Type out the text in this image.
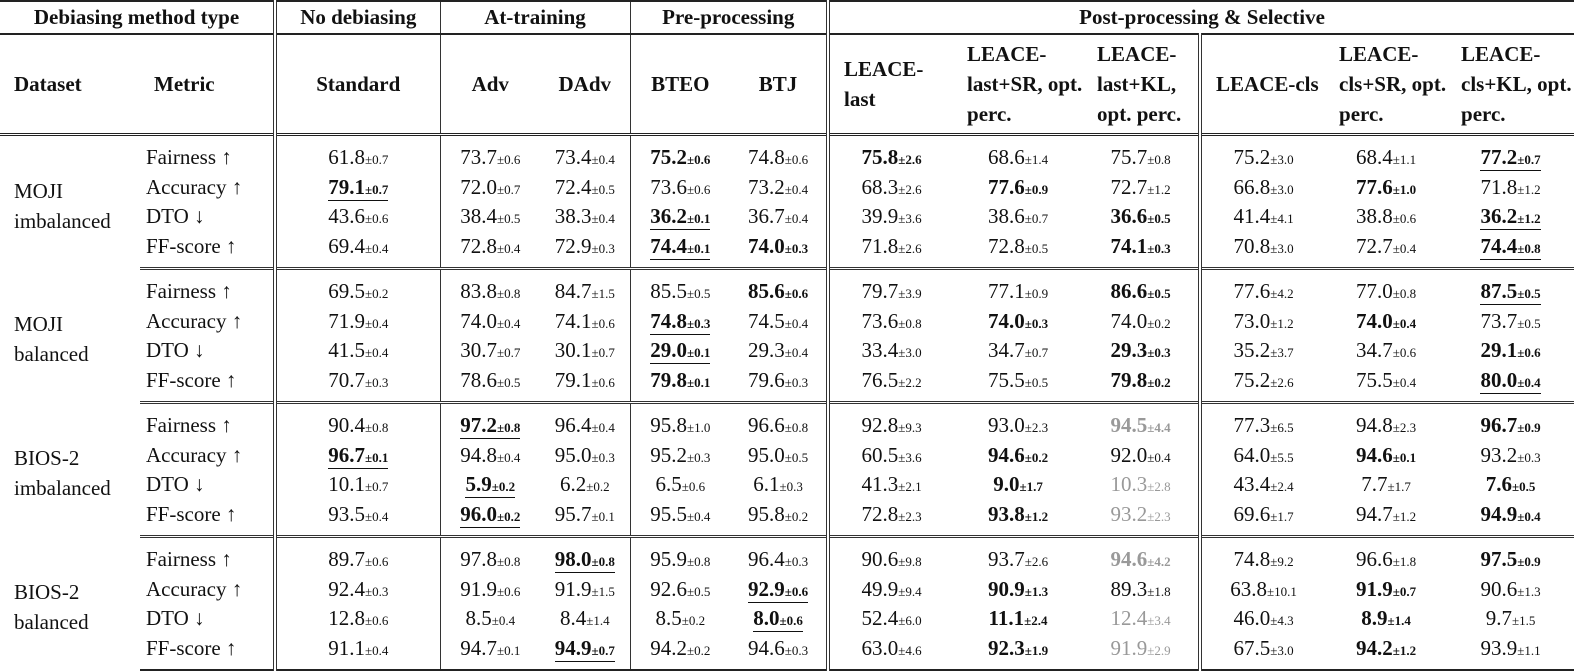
Debiasing method type		No debiasing	At-training		Pre-processing		Post-processing & Selective					
Dataset	Metric	Standard	Adv	DAdv	BTEO	BTJ	LEACE-last	LEACE-last+SR, opt. perc.	LEACE-last+KL, opt. perc.	LEACE-cls	LEACE-cls+SR, opt. perc.	LEACE-cls+KL, opt. perc.

MOJI
imbalanced	Fairness ↑	61.8±0.7	73.7±0.6	73.4±0.4	75.2±0.6	74.8±0.6	75.8±2.6	68.6±1.4	75.7±0.8	75.2±3.0	68.4±1.1	77.2±0.7
	Accuracy ↑	79.1±0.7	72.0±0.7	72.4±0.5	73.6±0.6	73.2±0.4	68.3±2.6	77.6±0.9	72.7±1.2	66.8±3.0	77.6±1.0	71.8±1.2
	DTO ↓	43.6±0.6	38.4±0.5	38.3±0.4	36.2±0.1	36.7±0.4	39.9±3.6	38.6±0.7	36.6±0.5	41.4±4.1	38.8±0.6	36.2±1.2
	FF-score ↑	69.4±0.4	72.8±0.4	72.9±0.3	74.4±0.1	74.0±0.3	71.8±2.6	72.8±0.5	74.1±0.3	70.8±3.0	72.7±0.4	74.4±0.8

MOJI
balanced	Fairness ↑	69.5±0.2	83.8±0.8	84.7±1.5	85.5±0.5	85.6±0.6	79.7±3.9	77.1±0.9	86.6±0.5	77.6±4.2	77.0±0.8	87.5±0.5
	Accuracy ↑	71.9±0.4	74.0±0.4	74.1±0.6	74.8±0.3	74.5±0.4	73.6±0.8	74.0±0.3	74.0±0.2	73.0±1.2	74.0±0.4	73.7±0.5
	DTO ↓	41.5±0.4	30.7±0.7	30.1±0.7	29.0±0.1	29.3±0.4	33.4±3.0	34.7±0.7	29.3±0.3	35.2±3.7	34.7±0.6	29.1±0.6
	FF-score ↑	70.7±0.3	78.6±0.5	79.1±0.6	79.8±0.1	79.6±0.3	76.5±2.2	75.5±0.5	79.8±0.2	75.2±2.6	75.5±0.4	80.0±0.4

BIOS-2
imbalanced	Fairness ↑	90.4±0.8	97.2±0.8	96.4±0.4	95.8±1.0	96.6±0.8	92.8±9.3	93.0±2.3	94.5±4.4	77.3±6.5	94.8±2.3	96.7±0.9
	Accuracy ↑	96.7±0.1	94.8±0.4	95.0±0.3	95.2±0.3	95.0±0.5	60.5±3.6	94.6±0.2	92.0±0.4	64.0±5.5	94.6±0.1	93.2±0.3
	DTO ↓	10.1±0.7	5.9±0.2	6.2±0.2	6.5±0.6	6.1±0.3	41.3±2.1	9.0±1.7	10.3±2.8	43.4±2.4	7.7±1.7	7.6±0.5
	FF-score ↑	93.5±0.4	96.0±0.2	95.7±0.1	95.5±0.4	95.8±0.2	72.8±2.3	93.8±1.2	93.2±2.3	69.6±1.7	94.7±1.2	94.9±0.4

BIOS-2
balanced	Fairness ↑	89.7±0.6	97.8±0.8	98.0±0.8	95.9±0.8	96.4±0.3	90.6±9.8	93.7±2.6	94.6±4.2	74.8±9.2	96.6±1.8	97.5±0.9
	Accuracy ↑	92.4±0.3	91.9±0.6	91.9±1.5	92.6±0.5	92.9±0.6	49.9±9.4	90.9±1.3	89.3±1.8	63.8±10.1	91.9±0.7	90.6±1.3
	DTO ↓	12.8±0.6	8.5±0.4	8.4±1.4	8.5±0.2	8.0±0.6	52.4±6.0	11.1±2.4	12.4±3.4	46.0±4.3	8.9±1.4	9.7±1.5
	FF-score ↑	91.1±0.4	94.7±0.1	94.9±0.7	94.2±0.2	94.6±0.3	63.0±4.6	92.3±1.9	91.9±2.9	67.5±3.0	94.2±1.2	93.9±1.1
